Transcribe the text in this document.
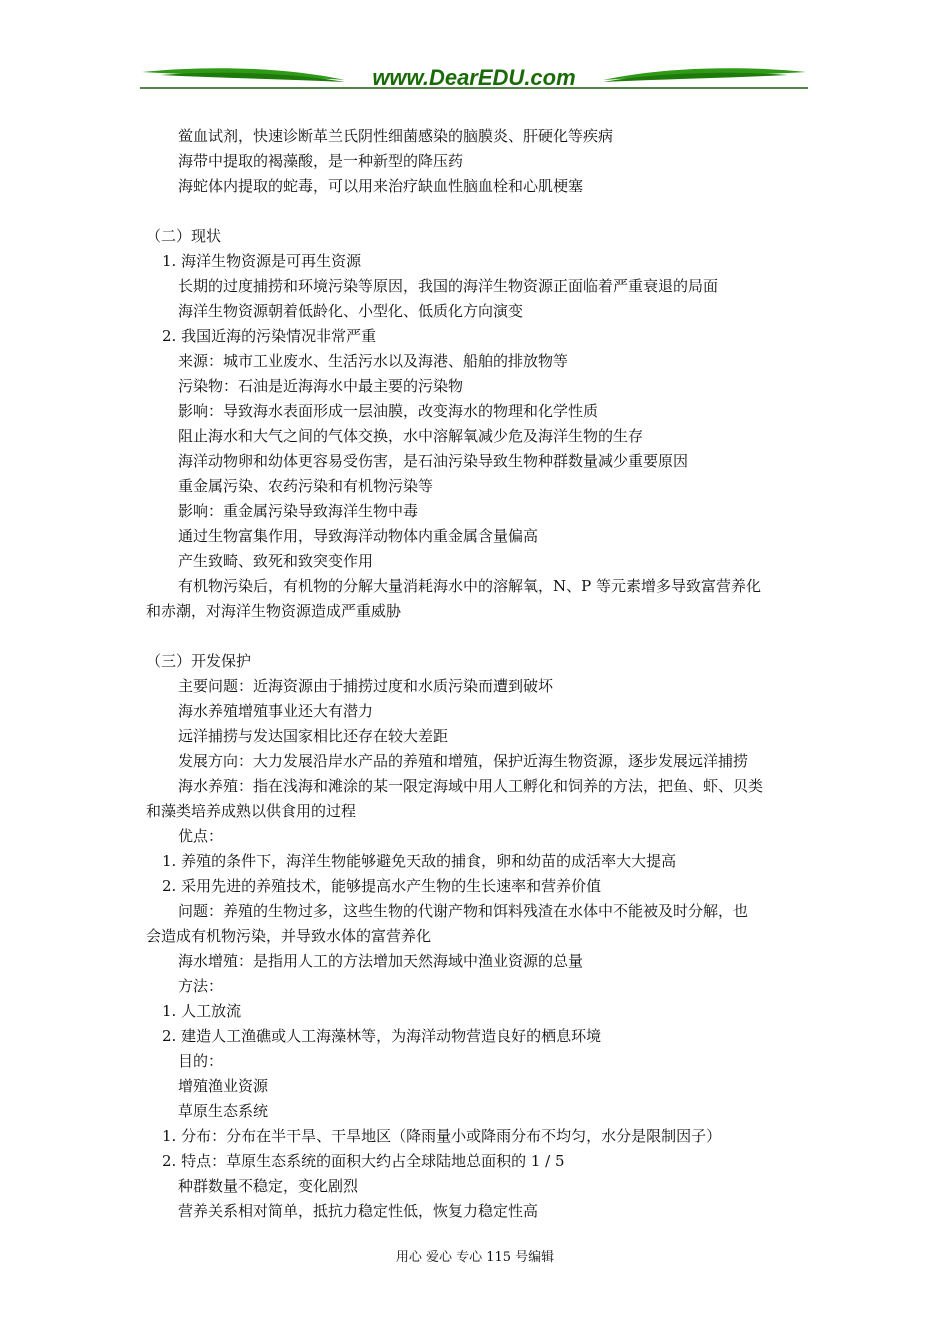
www.DearEDU.com
鲎血试剂，快速诊断革兰氏阴性细菌感染的脑膜炎、肝硬化等疾病
海带中提取的褐藻酸，是一种新型的降压药
海蛇体内提取的蛇毒，可以用来治疗缺血性脑血栓和心肌梗塞
（二）现状
1. 海洋生物资源是可再生资源
长期的过度捕捞和环境污染等原因，我国的海洋生物资源正面临着严重衰退的局面
海洋生物资源朝着低龄化、小型化、低质化方向演变
2. 我国近海的污染情况非常严重
来源：城市工业废水、生活污水以及海港、船舶的排放物等
污染物：石油是近海海水中最主要的污染物
影响：导致海水表面形成一层油膜，改变海水的物理和化学性质
阻止海水和大气之间的气体交换，水中溶解氧减少危及海洋生物的生存
海洋动物卵和幼体更容易受伤害，是石油污染导致生物种群数量减少重要原因
重金属污染、农药污染和有机物污染等
影响：重金属污染导致海洋生物中毒
通过生物富集作用，导致海洋动物体内重金属含量偏高
产生致畸、致死和致突变作用
有机物污染后，有机物的分解大量消耗海水中的溶解氧，N、P 等元素增多导致富营养化
和赤潮，对海洋生物资源造成严重威胁
（三）开发保护
主要问题：近海资源由于捕捞过度和水质污染而遭到破坏
海水养殖增殖事业还大有潜力
远洋捕捞与发达国家相比还存在较大差距
发展方向：大力发展沿岸水产品的养殖和增殖，保护近海生物资源，逐步发展远洋捕捞
海水养殖：指在浅海和滩涂的某一限定海域中用人工孵化和饲养的方法，把鱼、虾、贝类
和藻类培养成熟以供食用的过程
优点：
1. 养殖的条件下，海洋生物能够避免天敌的捕食，卵和幼苗的成活率大大提高
2. 采用先进的养殖技术，能够提高水产生物的生长速率和营养价值
问题：养殖的生物过多，这些生物的代谢产物和饵料残渣在水体中不能被及时分解，也
会造成有机物污染，并导致水体的富营养化
海水增殖：是指用人工的方法增加天然海域中渔业资源的总量
方法：
1. 人工放流
2. 建造人工渔礁或人工海藻林等，为海洋动物营造良好的栖息环境
目的：
增殖渔业资源
草原生态系统
1. 分布：分布在半干旱、干旱地区（降雨量小或降雨分布不均匀，水分是限制因子）
2. 特点：草原生态系统的面积大约占全球陆地总面积的 1 / 5
种群数量不稳定，变化剧烈
营养关系相对简单，抵抗力稳定性低，恢复力稳定性高
用心 爱心 专心 115 号编辑
